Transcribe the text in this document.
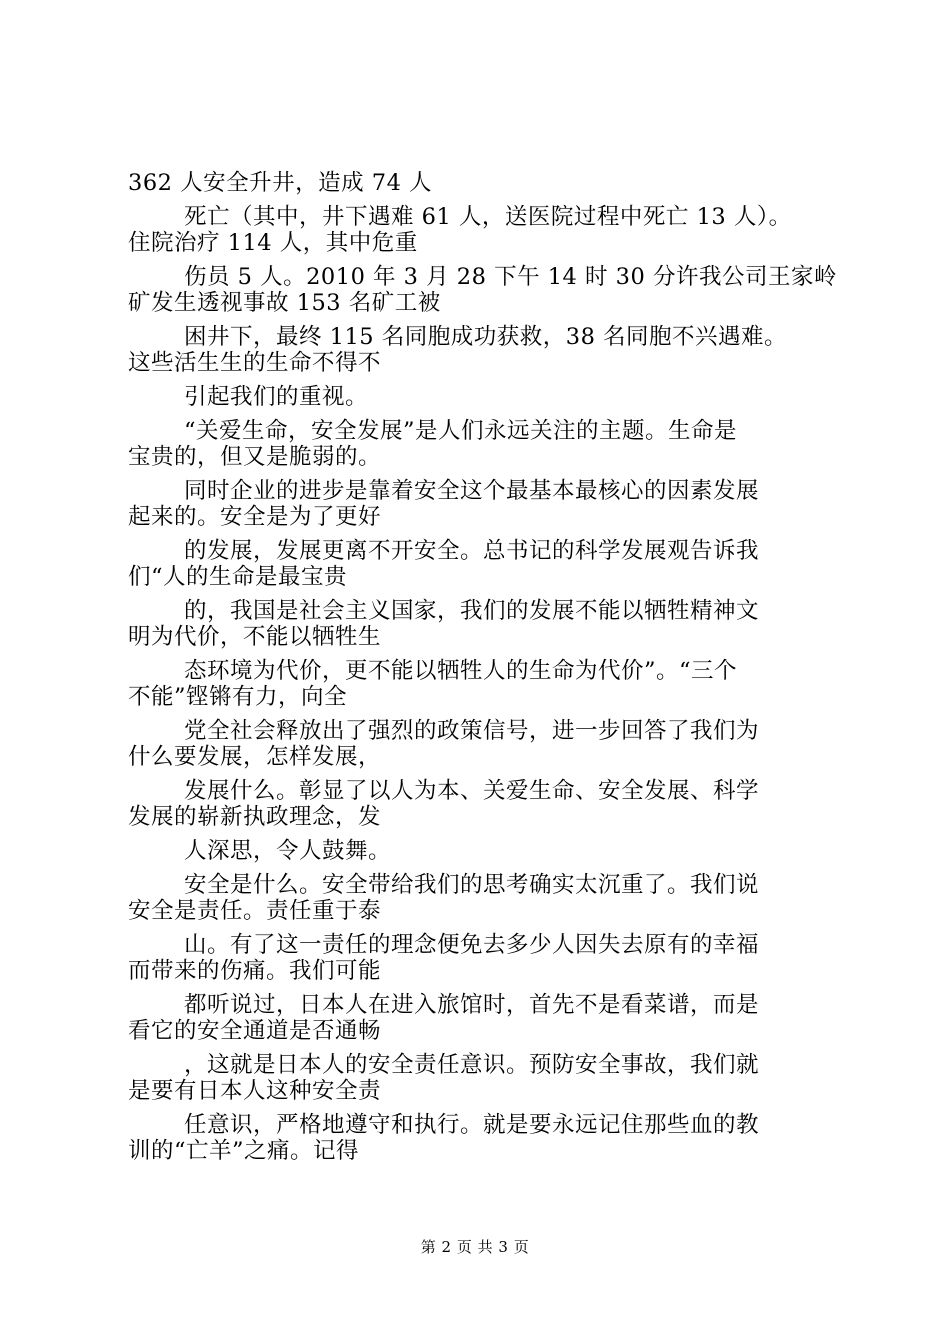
362 人安全升井，造成 74 人
死亡（其中，井下遇难 61 人，送医院过程中死亡 13 人）。
住院治疗 114 人，其中危重
伤员 5 人。2010 年 3 月 28 下午 14 时 30 分许我公司王家岭
矿发生透视事故 153 名矿工被
困井下，最终 115 名同胞成功获救，38 名同胞不兴遇难。
这些活生生的生命不得不
引起我们的重视。
“关爱生命，安全发展”是人们永远关注的主题。生命是
宝贵的，但又是脆弱的。
同时企业的进步是靠着安全这个最基本最核心的因素发展
起来的。安全是为了更好
的发展，发展更离不开安全。总书记的科学发展观告诉我
们“人的生命是最宝贵
的，我国是社会主义国家，我们的发展不能以牺牲精神文
明为代价，不能以牺牲生
态环境为代价，更不能以牺牲人的生命为代价”。“三个
不能”铿锵有力，向全
党全社会释放出了强烈的政策信号，进一步回答了我们为
什么要发展，怎样发展，
发展什么。彰显了以人为本、关爱生命、安全发展、科学
发展的崭新执政理念，发
人深思，令人鼓舞。
安全是什么。安全带给我们的思考确实太沉重了。我们说
安全是责任。责任重于泰
山。有了这一责任的理念便免去多少人因失去原有的幸福
而带来的伤痛。我们可能
都听说过，日本人在进入旅馆时，首先不是看菜谱，而是
看它的安全通道是否通畅
，这就是日本人的安全责任意识。预防安全事故，我们就
是要有日本人这种安全责
任意识，严格地遵守和执行。就是要永远记住那些血的教
训的“亡羊”之痛。记得
第 2 页 共 3 页
